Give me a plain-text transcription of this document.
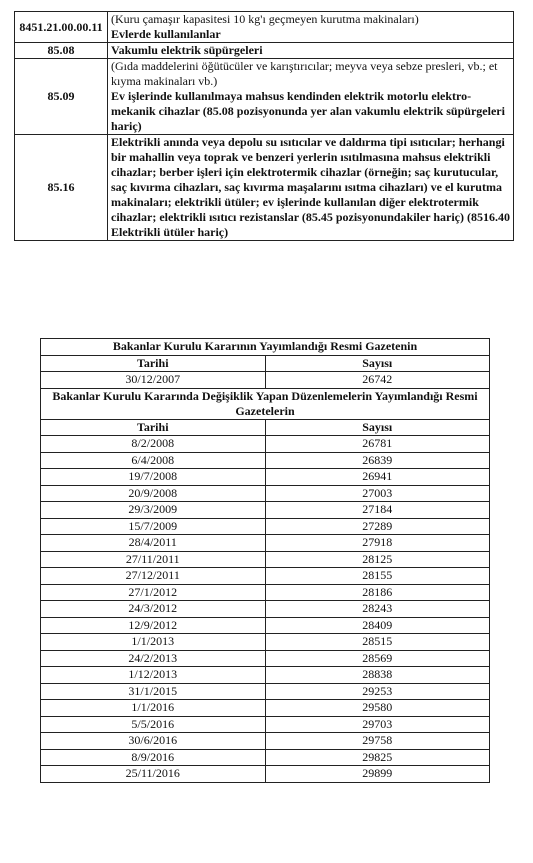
8451.21.00.00.11	(Kuru çamaşır kapasitesi 10 kg'ı geçmeyen kurutma makinaları)
Evlerde kullanılanlar

85.08	Vakumlu elektrik süpürgeleri

85.09	(Gıda maddelerini öğütücüler ve karıştırıcılar; meyva veya sebze presleri, vb.; et kıyma makinaları vb.)
Ev işlerinde kullanılmaya mahsus kendinden elektrik motorlu elektro-mekanik cihazlar (85.08 pozisyonunda yer alan vakumlu elektrik süpürgeleri hariç)

85.16	Elektrikli anında veya depolu su ısıtıcılar ve daldırma tipi ısıtıcılar; herhangi bir mahallin veya toprak ve benzeri yerlerin ısıtılmasına mahsus elektrikli cihazlar; berber işleri için elektrotermik cihazlar (örneğin; saç kurutucular, saç kıvırma cihazları, saç kıvırma maşalarını ısıtma cihazları) ve el kurutma makinaları; elektrikli ütüler; ev işlerinde kullanılan diğer elektrotermik cihazlar; elektrikli ısıtıcı rezistanslar (85.45 pozisyonundakiler hariç) (8516.40 Elektrikli ütüler hariç)
Bakanlar Kurulu Kararının Yayımlandığı Resmi Gazetenin	
Tarihi	Sayısı
30/12/2007	26742
Bakanlar Kurulu Kararında Değişiklik Yapan Düzenlemelerin Yayımlandığı Resmi Gazetelerin	
Tarihi	Sayısı
8/2/2008	26781
6/4/2008	26839
19/7/2008	26941
20/9/2008	27003
29/3/2009	27184
15/7/2009	27289
28/4/2011	27918
27/11/2011	28125
27/12/2011	28155
27/1/2012	28186
24/3/2012	28243
12/9/2012	28409
1/1/2013	28515
24/2/2013	28569
1/12/2013	28838
31/1/2015	29253
1/1/2016	29580
5/5/2016	29703
30/6/2016	29758
8/9/2016	29825
25/11/2016	29899
